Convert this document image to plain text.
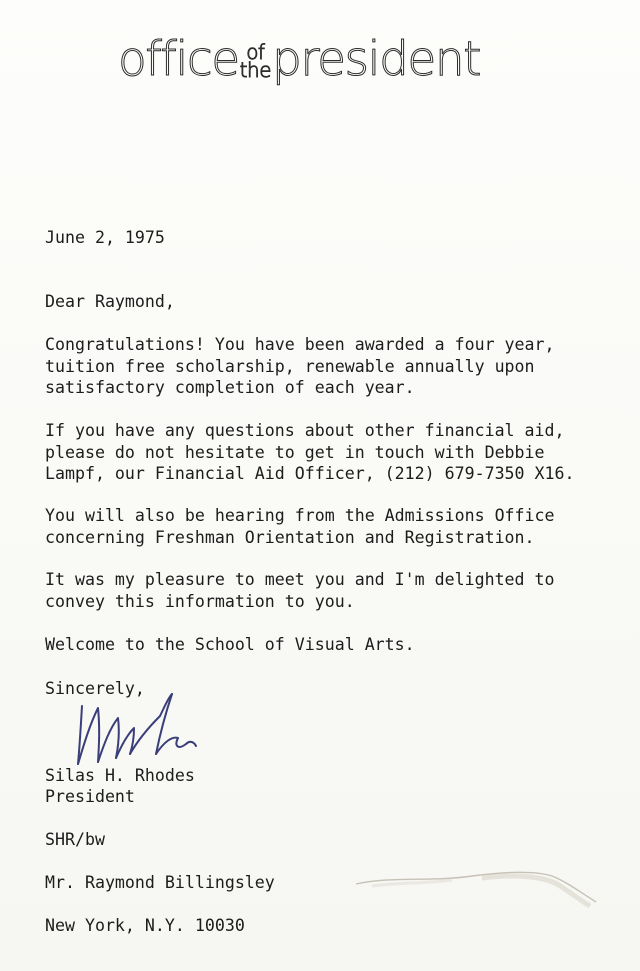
office of
the president

June 2, 1975

Dear Raymond,

Congratulations! You have been awarded a four year,
tuition free scholarship, renewable annually upon
satisfactory completion of each year.

If you have any questions about other financial aid,
please do not hesitate to get in touch with Debbie
Lampf, our Financial Aid Officer, (212) 679-7350 X16.

You will also be hearing from the Admissions Office
concerning Freshman Orientation and Registration.

It was my pleasure to meet you and I'm delighted to
convey this information to you.

Welcome to the School of Visual Arts.

Sincerely,

Silas H. Rhodes

President

SHR/bw

Mr. Raymond Billingsley

New York, N.Y. 10030
